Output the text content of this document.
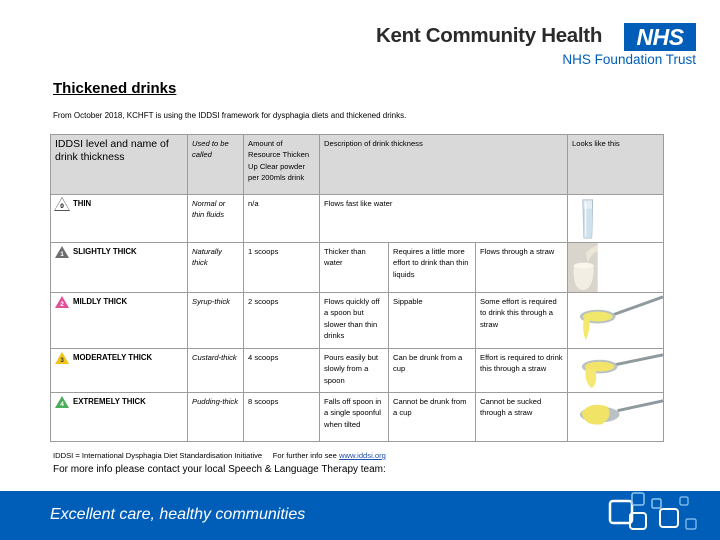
Kent Community Health	NHS
NHS Foundation Trust
Thickened drinks
From October 2018, KCHFT is using the IDDSI framework for dysphagia diets and thickened drinks.
IDDSI level and name of drink thickness	Used to be called	Amount of Resource Thicken Up Clear powder per 200mls drink	Description of drink thickness			Looks like this

0 THIN	Normal or thin fluids	n/a	Flows fast like water	

1 SLIGHTLY THICK	Naturally thick	1 scoops	Thicker than water	Requires a little more effort to drink than thin liquids	Flows through a straw	

2 MILDLY THICK	Syrup-thick	2 scoops	Flows quickly off a spoon but slower than thin drinks	Sippable	Some effort is required to drink this through a straw	

3 MODERATELY THICK	Custard-thick	4 scoops	Pours easily but slowly from a spoon	Can be drunk from a cup	Effort is required to drink this through a straw	

4 EXTREMELY THICK	Pudding-thick	8 scoops	Falls off spoon in a single spoonful when tilted	Cannot be drunk from a cup	Cannot be sucked through a straw	
IDDSI = International Dysphagia Diet Standardisation Initiative For further info see www.iddsi.org
For more info please contact your local Speech & Language Therapy team:
Excellent care, healthy communities
